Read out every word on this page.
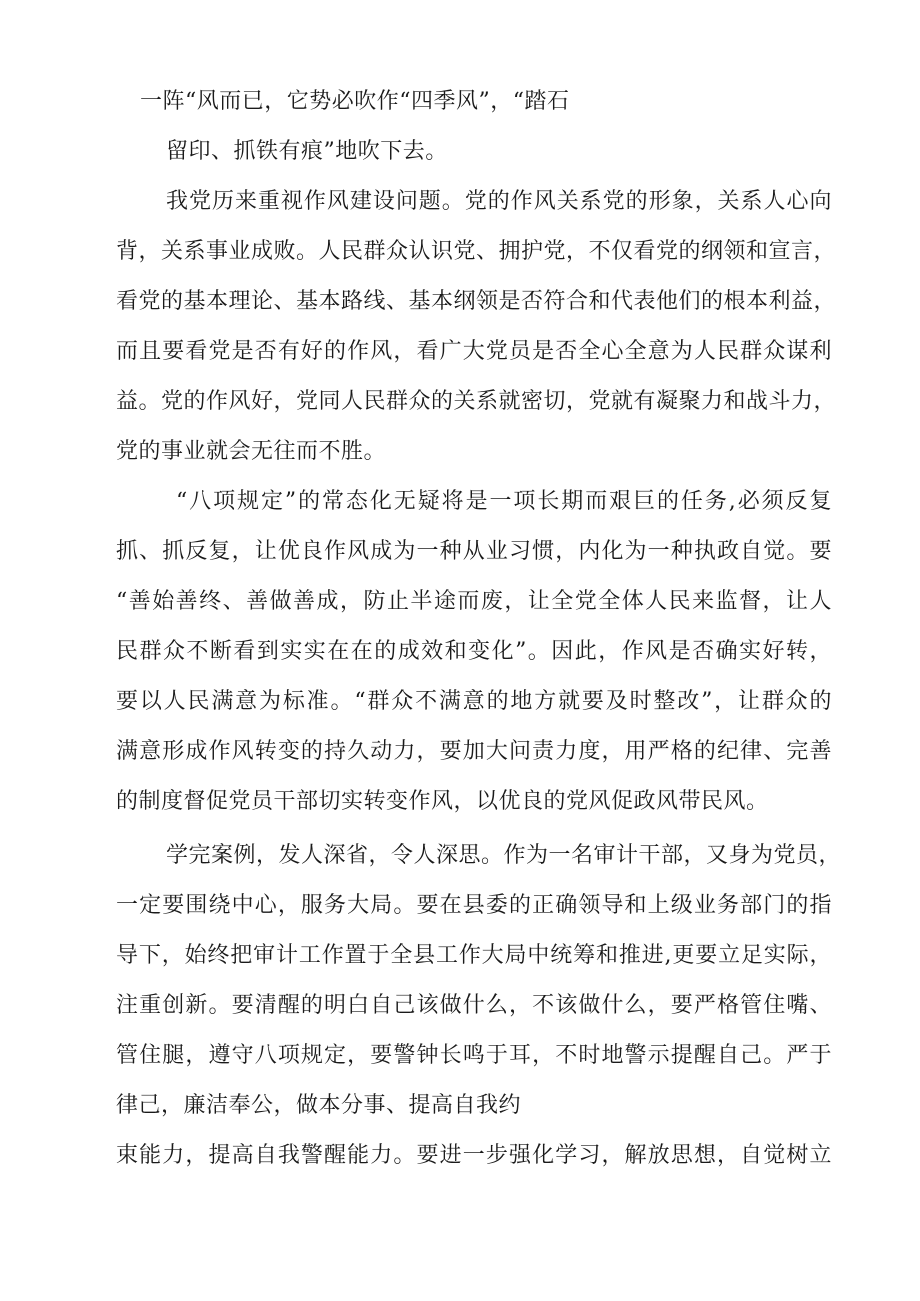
一阵“风而已，它势必吹作“四季风”，“踏石
留印、抓铁有痕”地吹下去。
我党历来重视作风建设问题。党的作风关系党的形象，关系人心向
背，关系事业成败。人民群众认识党、拥护党，不仅看党的纲领和宣言，
看党的基本理论、基本路线、基本纲领是否符合和代表他们的根本利益，
而且要看党是否有好的作风，看广大党员是否全心全意为人民群众谋利
益。党的作风好，党同人民群众的关系就密切，党就有凝聚力和战斗力，
党的事业就会无往而不胜。
“八项规定”的常态化无疑将是一项长期而艰巨的任务,必须反复
抓、抓反复，让优良作风成为一种从业习惯，内化为一种执政自觉。要
“善始善终、善做善成，防止半途而废，让全党全体人民来监督，让人
民群众不断看到实实在在的成效和变化”。因此，作风是否确实好转，
要以人民满意为标准。“群众不满意的地方就要及时整改”，让群众的
满意形成作风转变的持久动力，要加大问责力度，用严格的纪律、完善
的制度督促党员干部切实转变作风，以优良的党风促政风带民风。
学完案例，发人深省，令人深思。作为一名审计干部，又身为党员，
一定要围绕中心，服务大局。要在县委的正确领导和上级业务部门的指
导下，始终把审计工作置于全县工作大局中统筹和推进,更要立足实际，
注重创新。要清醒的明白自己该做什么，不该做什么，要严格管住嘴、
管住腿，遵守八项规定，要警钟长鸣于耳，不时地警示提醒自己。严于
律己，廉洁奉公，做本分事、提高自我约
束能力，提高自我警醒能力。要进一步强化学习，解放思想，自觉树立
